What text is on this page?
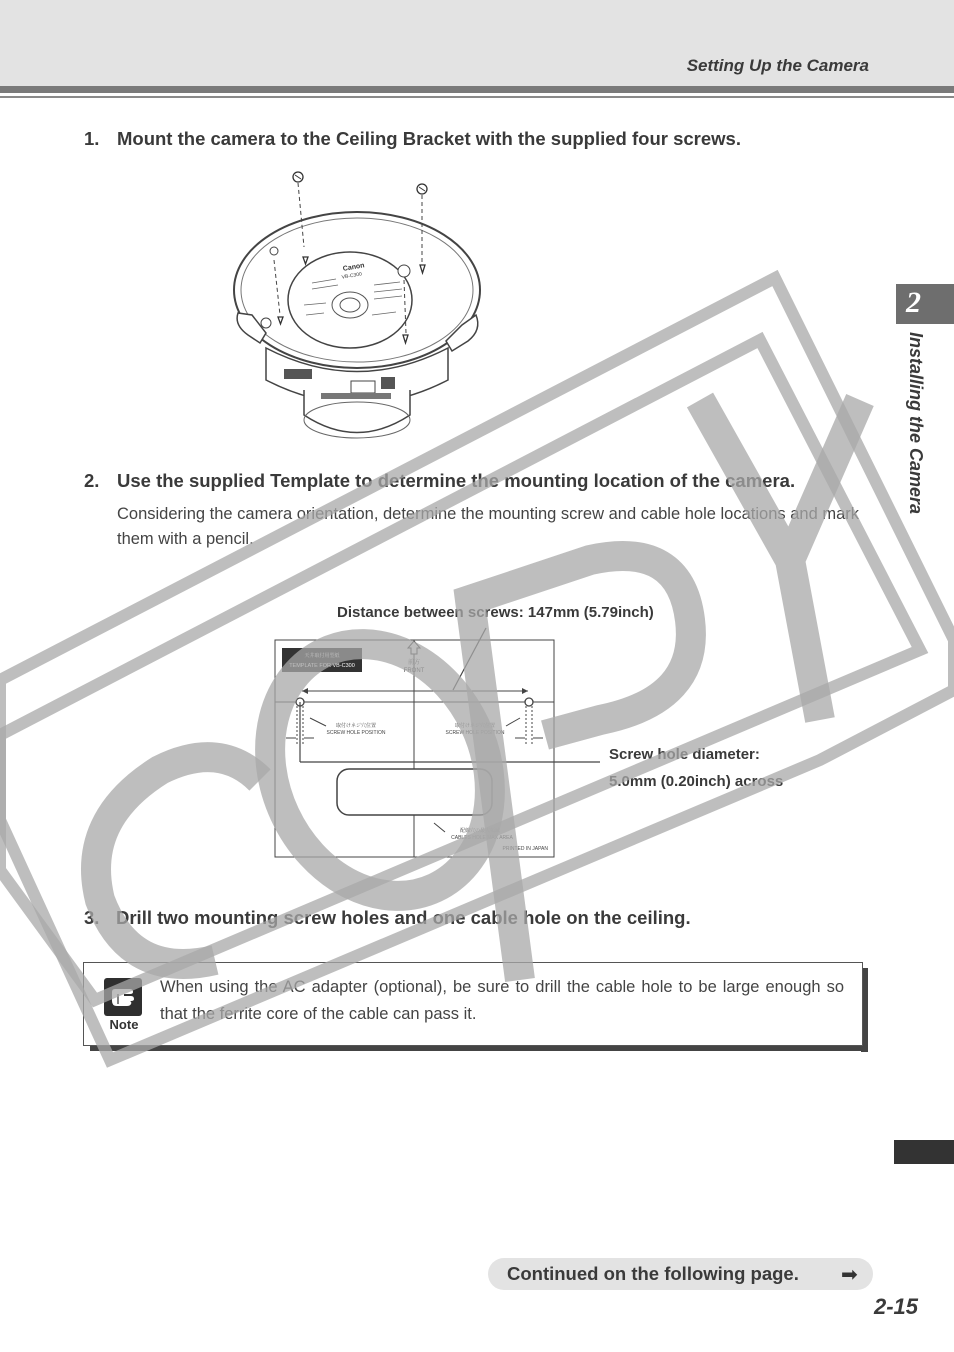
Setting Up the Camera
1. Mount the camera to the Ceiling Bracket with the supplied four screws.
Canon
VB-C300
2. Use the supplied Template to determine the mounting location of the camera.
Considering the camera orientation, determine the mounting screw and cable hole locations and mark them with a pencil.
Distance between screws: 147mm (5.79inch)
天井取付用型紙
TEMPLATE FOR VB-C300	前方
FRONT
取付けネジ穴位置
SCREW HOLE POSITION
取付けネジ穴位置
SCREW HOLE POSITION
配線穴の最大領域
CABLES HOLE MAX AREA
PRINTED IN JAPAN
Screw hole diameter:
5.0mm (0.20inch) across
3. Drill two mounting screw holes and one cable hole on the ceiling.
Note
When using the AC adapter (optional), be sure to drill the cable hole to be large enough so that the ferrite core of the cable can pass it.
2
Installing the Camera
Continued on the following page. ➡
2-15
